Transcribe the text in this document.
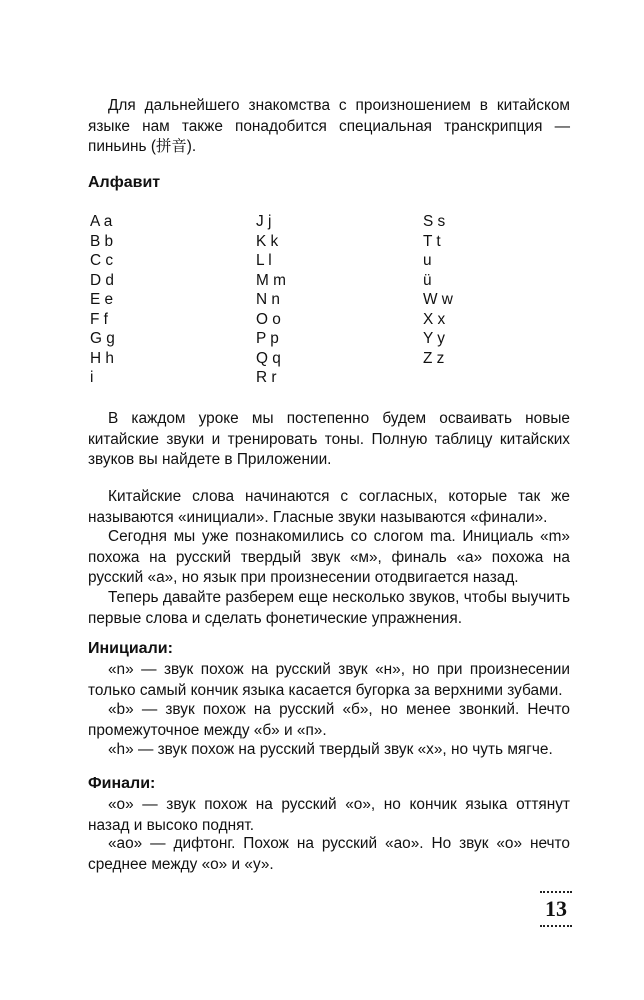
Для дальнейшего знакомства с произношением в китайском языке нам также понадобится специальная транскрипция — пиньинь (拼音).

Алфавит
A a
B b
C c
D d
E e
F f
G g
H h
i
J j
K k
L l
M m
N n
O o
P p
Q q
R r
S s
T t
u
ü
W w
X x
Y y
Z z

В каждом уроке мы постепенно будем осваивать новые китайские звуки и тренировать тоны. Полную таблицу китайских звуков вы найдете в Приложении.

Китайские слова начинаются с согласных, которые так же называются «инициали». Гласные звуки называются «финали».

Сегодня мы уже познакомились со слогом ma. Инициаль «m» похожа на русский твердый звук «м», финаль «a» похожа на русский «а», но язык при произнесении отодвигается назад.

Теперь давайте разберем еще несколько звуков, чтобы выучить первые слова и сделать фонетические упражнения.

Инициали:

«n» — звук похож на русский звук «н», но при произнесении только самый кончик языка касается бугорка за верхними зубами.

«b» — звук похож на русский «б», но менее звонкий. Нечто промежуточное между «б» и «п».

«h» — звук похож на русский твердый звук «х», но чуть мягче.

Финали:

«o» — звук похож на русский «о», но кончик языка оттянут назад и высоко поднят.

«ao» — дифтонг. Похож на русский «ао». Но звук «о» нечто среднее между «о» и «у».

13
